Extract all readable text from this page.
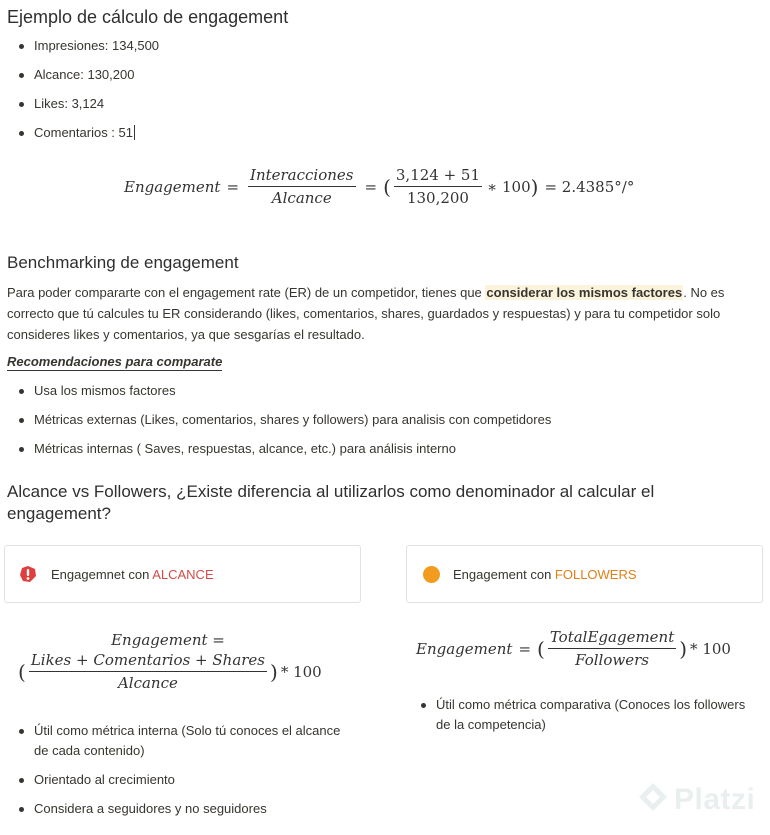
Ejemplo de cálculo de engagement
Impresiones: 134,500
Alcance: 130,200
Likes: 3,124
Comentarios : 51
Engagement = $\frac{\text{Interacciones}}{\text{Alcance}}$ = ( $\frac{3,124 + 51}{130,200}$ ∗ 100 ) = 2.4385°/°
Benchmarking de engagement
Para poder compararte con el engagement rate (ER) de un competidor, tienes que considerar los mismos factores. No es correcto que tú calcules tu ER considerando (likes, comentarios, shares, guardados y respuestas) y para tu competidor solo consideres likes y comentarios, ya que sesgarías el resultado.
Recomendaciones para comparate
Usa los mismos factores
Métricas externas (Likes, comentarios, shares y followers) para analisis con competidores
Métricas internas ( Saves, respuestas, alcance, etc.) para análisis interno
Alcance vs Followers, ¿Existe diferencia al utilizarlos como denominador al calcular el engagement?
Engagemnet con ALCANCE	Engagement con FOLLOWERS
Engagement =
( $\frac{\text{Likes + Comentarios + Shares}}{\text{Alcance}}$ ) * 100
Engagement = ( $\frac{\text{TotalEgagement}}{\text{Followers}}$ ) * 100
Útil como métrica interna (Solo tú conoces el alcance de cada contenido)
Orientado al crecimiento
Considera a seguidores y no seguidores
Útil como métrica comparativa (Conoces los followers de la competencia)
Platzi
